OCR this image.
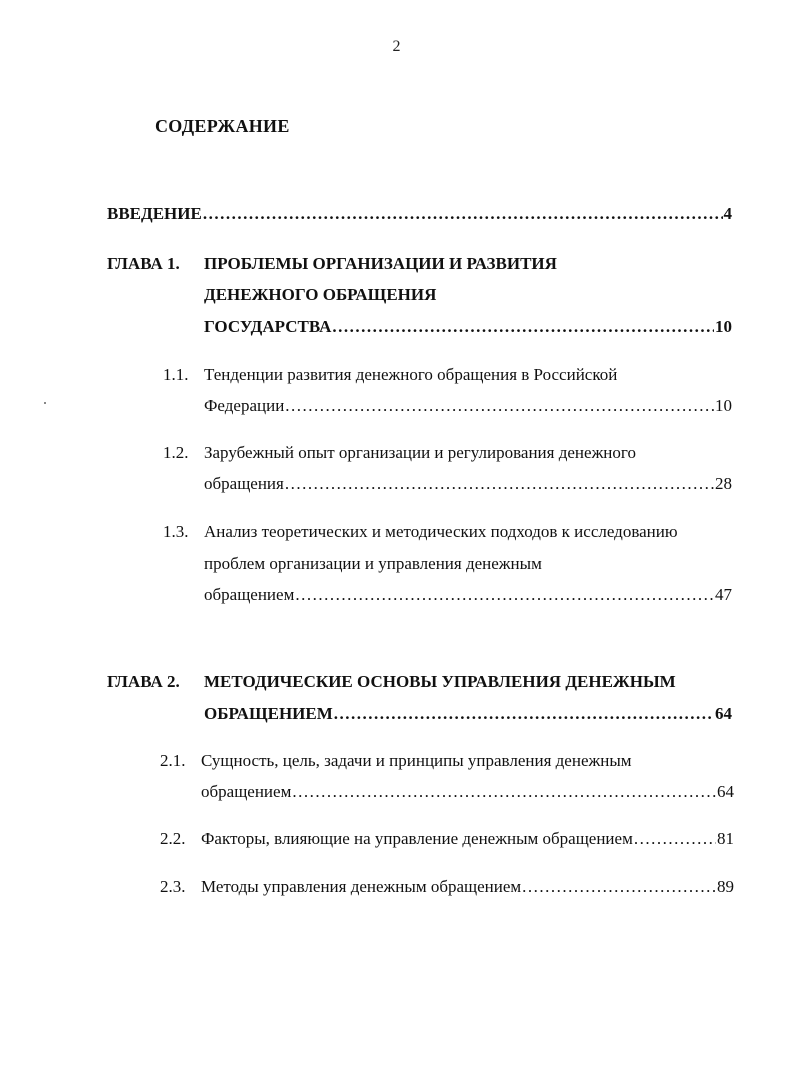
2
СОДЕРЖАНИЕ
ВВЕДЕНИЕ .....	4
ГЛАВА 1. ПРОБЛЕМЫ ОРГАНИЗАЦИИ И РАЗВИТИЯ
ДЕНЕЖНОГО ОБРАЩЕНИЯ
ГОСУДАРСТВА .....	10
1.1. Тенденции развития денежного обращения в Российской
Федерации .....	10
1.2. Зарубежный опыт организации и регулирования денежного
обращения .....	28
1.3. Анализ теоретических и методических подходов к исследованию
проблем организации и управления денежным
обращением .....	47
ГЛАВА 2. МЕТОДИЧЕСКИЕ ОСНОВЫ УПРАВЛЕНИЯ ДЕНЕЖНЫМ
ОБРАЩЕНИЕМ .....	64
2.1. Сущность, цель, задачи и принципы управления денежным
обращением .....	64
2.2. Факторы, влияющие на управление денежным обращением .....	81
2.3. Методы управления денежным обращением .....	89
